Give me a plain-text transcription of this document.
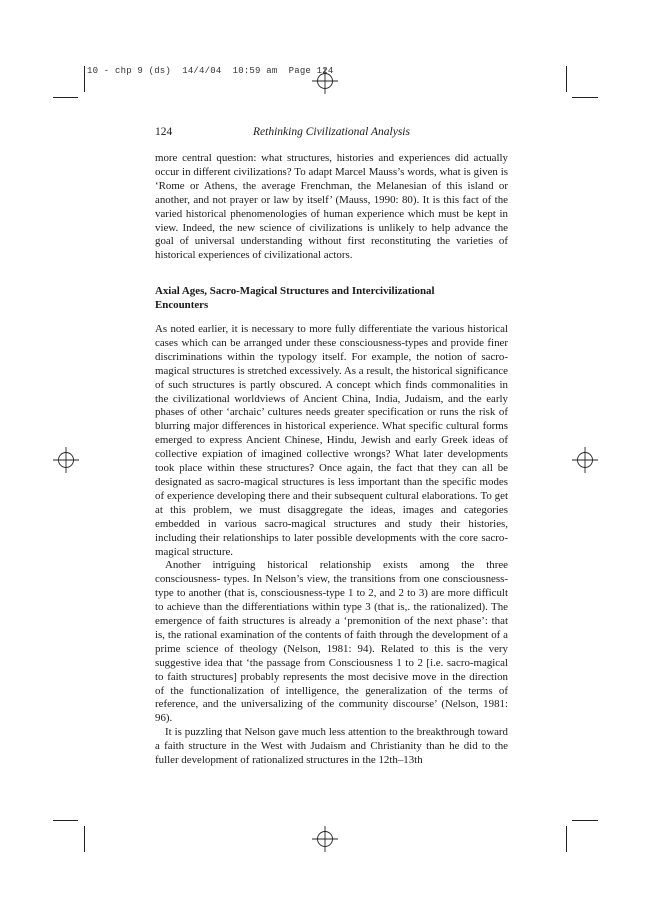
10 - chp 9 (ds)  14/4/04  10:59 am  Page 124
124	Rethinking Civilizational Analysis

more central question: what structures, histories and experiences did actually occur in different civilizations? To adapt Marcel Mauss’s words, what is given is ‘Rome or Athens, the average Frenchman, the Melanesian of this island or another, and not prayer or law by itself’ (Mauss, 1990: 80). It is this fact of the varied historical phenomenologies of human experience which must be kept in view. Indeed, the new science of civilizations is unlikely to help advance the goal of universal understanding without first reconstituting the varieties of historical experiences of civilizational actors.

Axial Ages, Sacro-Magical Structures and Intercivilizational Encounters

As noted earlier, it is necessary to more fully differentiate the various historical cases which can be arranged under these consciousness-types and provide finer discriminations within the typology itself. For example, the notion of sacro-magical structures is stretched excessively. As a result, the historical significance of such structures is partly obscured. A concept which finds commonalities in the civilizational worldviews of Ancient China, India, Judaism, and the early phases of other ‘archaic’ cultures needs greater specification or runs the risk of blurring major differences in historical experience. What specific cultural forms emerged to express Ancient Chinese, Hindu, Jewish and early Greek ideas of collective expiation of imagined collective wrongs? What later developments took place within these structures? Once again, the fact that they can all be designated as sacro-magical structures is less important than the specific modes of experience developing there and their subsequent cultural elaborations. To get at this problem, we must disaggregate the ideas, images and categories embedded in various sacro-magical structures and study their histories, including their relationships to later possible developments with the core sacro-magical structure.

Another intriguing historical relationship exists among the three consciousness- types. In Nelson’s view, the transitions from one consciousness-type to another (that is, consciousness-type 1 to 2, and 2 to 3) are more difficult to achieve than the differentiations within type 3 (that is,. the rationalized). The emergence of faith structures is already a ‘premonition of the next phase’: that is, the rational examination of the contents of faith through the development of a prime science of theology (Nelson, 1981: 94). Related to this is the very suggestive idea that ‘the passage from Consciousness 1 to 2 [i.e. sacro-magical to faith structures] probably represents the most decisive move in the direction of the functionalization of intelligence, the generalization of the terms of reference, and the universalizing of the community discourse’ (Nelson, 1981: 96).

It is puzzling that Nelson gave much less attention to the breakthrough toward a faith structure in the West with Judaism and Christianity than he did to the fuller development of rationalized structures in the 12th–13th
